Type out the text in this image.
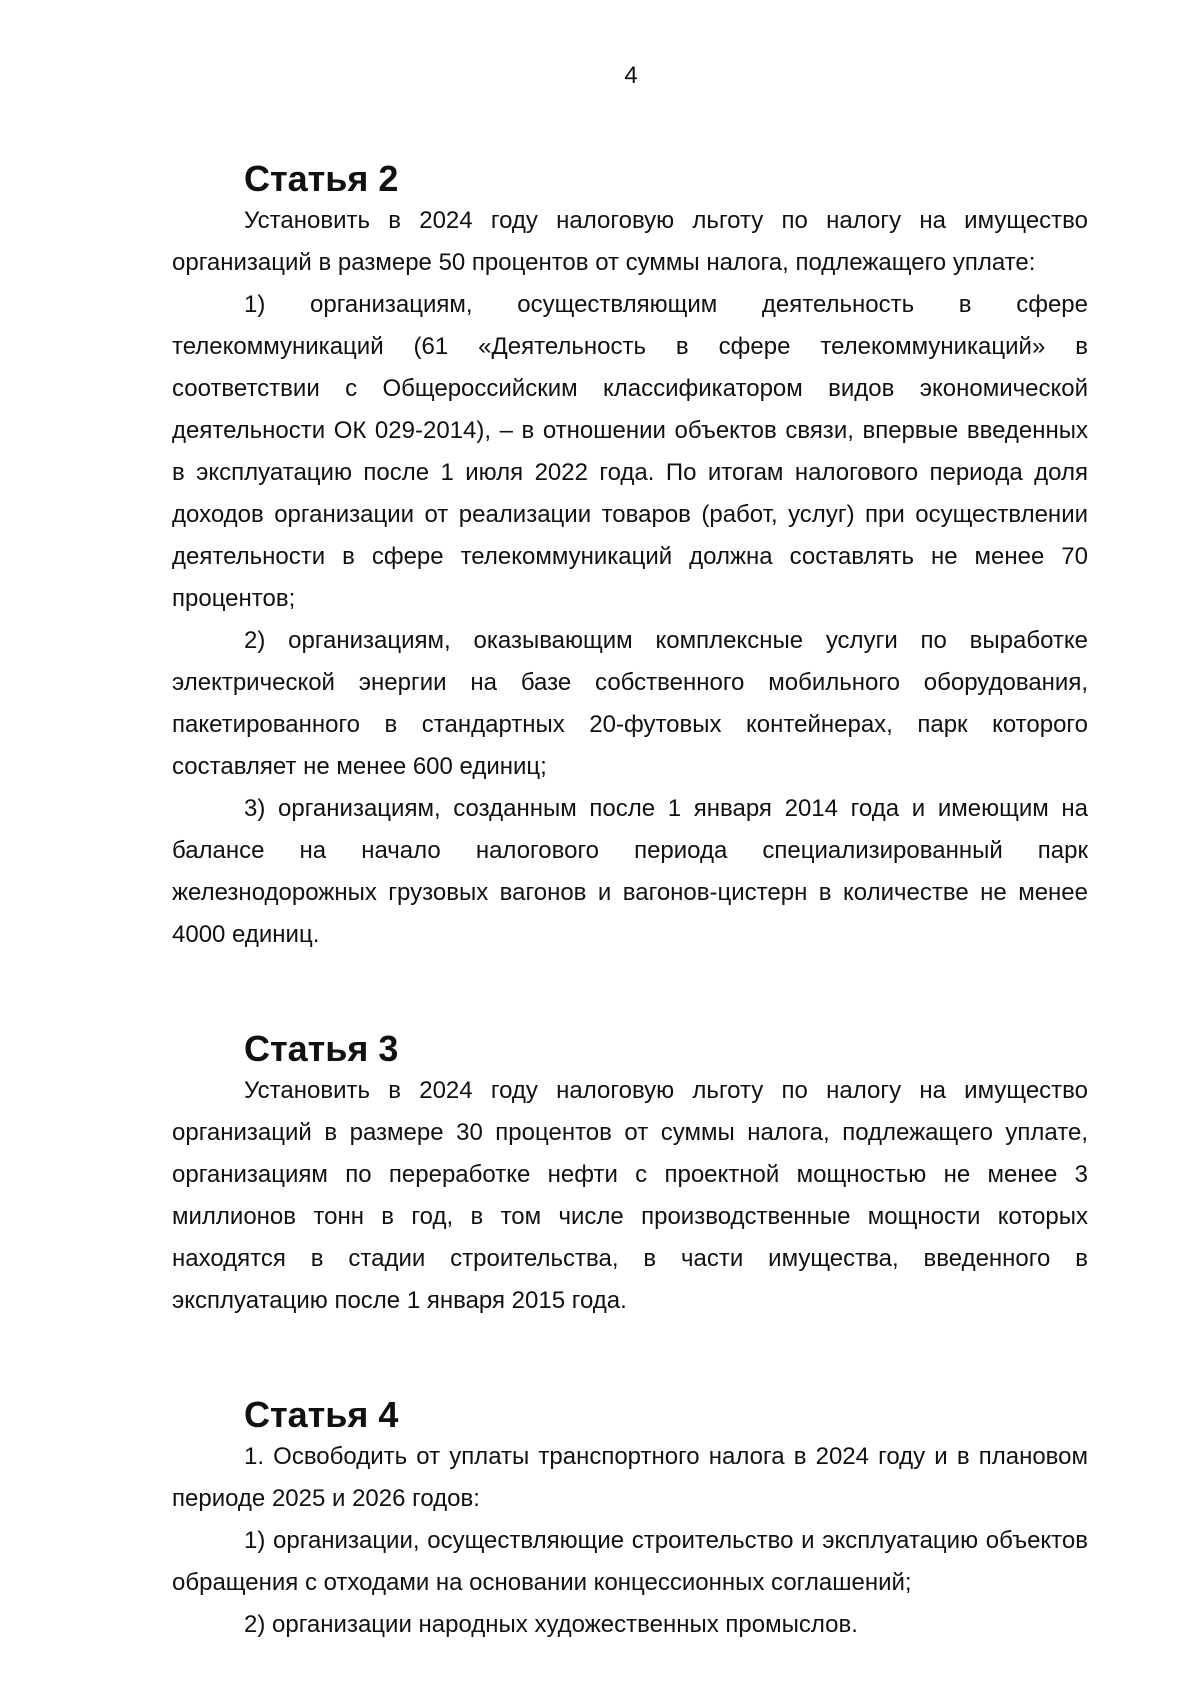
4
Статья 2

Установить в 2024 году налоговую льготу по налогу на имущество организаций в размере 50 процентов от суммы налога, подлежащего уплате:

1) организациям, осуществляющим деятельность в сфере телекоммуникаций (61 «Деятельность в сфере телекоммуникаций» в соответствии с Общероссийским классификатором видов экономической деятельности ОК 029-2014), – в отношении объектов связи, впервые введенных в эксплуатацию после 1 июля 2022 года. По итогам налогового периода доля доходов организации от реализации товаров (работ, услуг) при осуществлении деятельности в сфере телекоммуникаций должна составлять не менее 70 процентов;

2) организациям, оказывающим комплексные услуги по выработке электрической энергии на базе собственного мобильного оборудования, пакетированного в стандартных 20-футовых контейнерах, парк которого составляет не менее 600 единиц;

3) организациям, созданным после 1 января 2014 года и имеющим на балансе на начало налогового периода специализированный парк железнодорожных грузовых вагонов и вагонов-цистерн в количестве не менее 4000 единиц.

Статья 3

Установить в 2024 году налоговую льготу по налогу на имущество организаций в размере 30 процентов от суммы налога, подлежащего уплате, организациям по переработке нефти с проектной мощностью не менее 3 миллионов тонн в год, в том числе производственные мощности которых находятся в стадии строительства, в части имущества, введенного в эксплуатацию после 1 января 2015 года.

Статья 4

1. Освободить от уплаты транспортного налога в 2024 году и в плановом периоде 2025 и 2026 годов:

1) организации, осуществляющие строительство и эксплуатацию объектов обращения с отходами на основании концессионных соглашений;

2) организации народных художественных промыслов.
